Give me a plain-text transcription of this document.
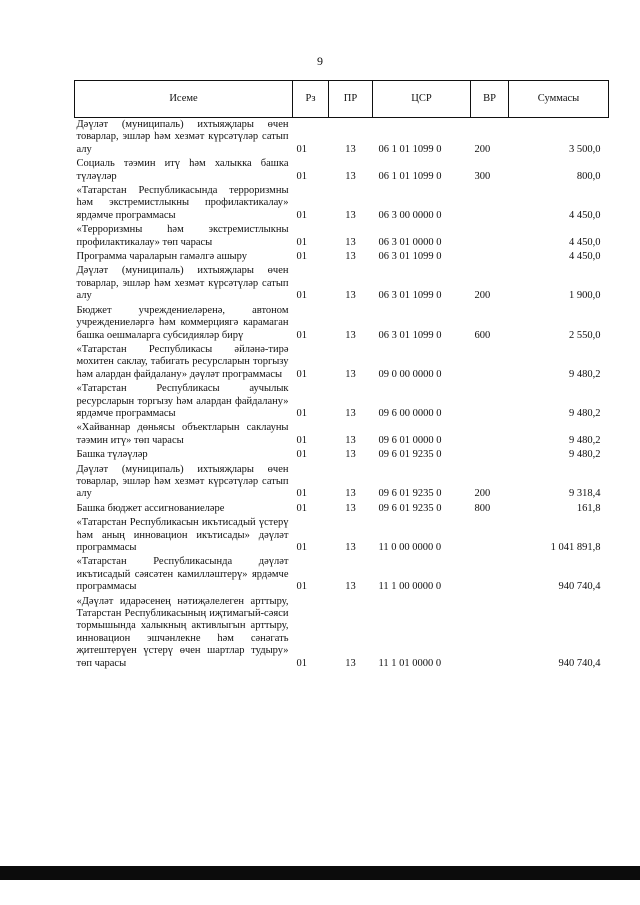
9
Исеме	Рз	ПР	ЦСР	ВР	Суммасы
Дәүләт (муниципаль) ихтыяҗлары өчен товарлар, эшләр һәм хезмәт күрсәтүләр сатып алу	01	13	06 1 01 1099 0	200	3 500,0
Социаль тәэмин итү һәм халыкка башка түләүләр	01	13	06 1 01 1099 0	300	800,0
«Татарстан Республикасында терроризмны һәм экстремистлыкны профилактикалау» ярдәмче программасы	01	13	06 3 00 0000 0		4 450,0
«Терроризмны һәм экстремистлыкны профилактикалау» төп чарасы	01	13	06 3 01 0000 0		4 450,0
Программа чараларын гамәлгә ашыру	01	13	06 3 01 1099 0		4 450,0
Дәүләт (муниципаль) ихтыяҗлары өчен товарлар, эшләр һәм хезмәт күрсәтүләр сатып алу	01	13	06 3 01 1099 0	200	1 900,0
Бюджет учреждениеләренә, автоном учреждениеләргә һәм коммерциягә карамаган башка оешмаларга субсидияләр бирү	01	13	06 3 01 1099 0	600	2 550,0
«Татарстан Республикасы әйләнә-тирә мохитен саклау, табигать ресурсларын торгызу һәм алардан файдалану» дәүләт программасы	01	13	09 0 00 0000 0		9 480,2
«Татарстан Республикасы аучылык ресурсларын торгызу һәм алардан файдалану» ярдәмче программасы	01	13	09 6 00 0000 0		9 480,2
«Хайваннар дөньясы объектларын саклауны тәэмин итү» төп чарасы	01	13	09 6 01 0000 0		9 480,2
Башка түләүләр	01	13	09 6 01 9235 0		9 480,2
Дәүләт (муниципаль) ихтыяҗлары өчен товарлар, эшләр һәм хезмәт күрсәтүләр сатып алу	01	13	09 6 01 9235 0	200	9 318,4
Башка бюджет ассигнованиеләре	01	13	09 6 01 9235 0	800	161,8
«Татарстан Республикасын икътисадый үстерү һәм аның инновацион икътисады» дәүләт программасы	01	13	11 0 00 0000 0		1 041 891,8
«Татарстан Республикасында дәүләт икътисадый сәясәтен камилләштерү» ярдәмче программасы	01	13	11 1 00 0000 0		940 740,4
«Дәүләт идарәсенең нәтиҗәлелеген арттыру, Татарстан Республикасының иҗтимагый-сәяси тормышында халыкның активлыгын арттыру, инновацион эшчәнлекне һәм сәнәгать җитештерүен үстерү өчен шартлар тудыру» төп чарасы	01	13	11 1 01 0000 0		940 740,4
